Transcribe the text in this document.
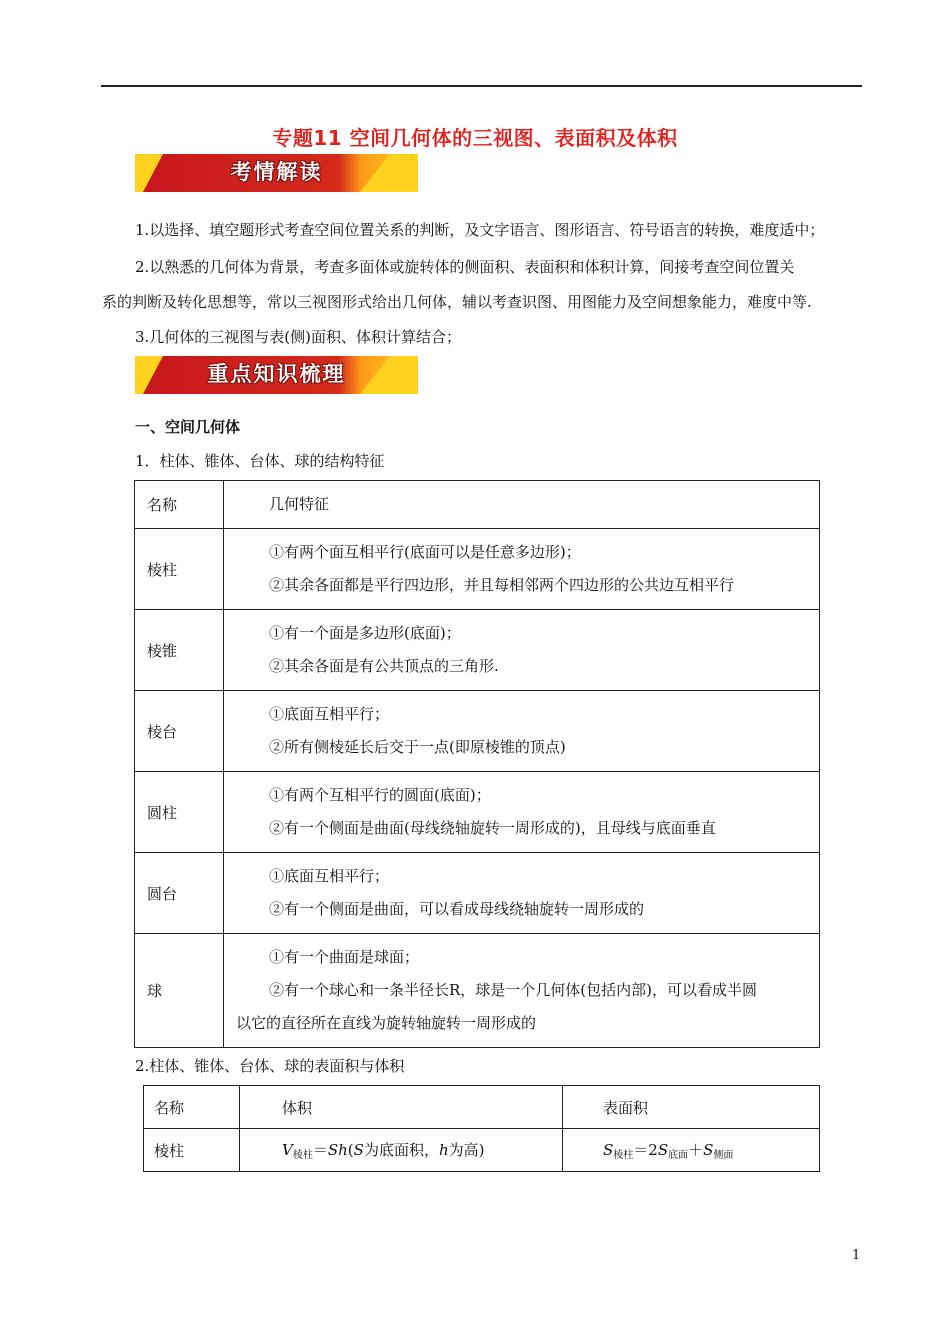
专题11 空间几何体的三视图、表面积及体积
考情解读
1.以选择、填空题形式考查空间位置关系的判断，及文字语言、图形语言、符号语言的转换，难度适中；
2.以熟悉的几何体为背景，考查多面体或旋转体的侧面积、表面积和体积计算，间接考查空间位置关
系的判断及转化思想等，常以三视图形式给出几何体，辅以考查识图、用图能力及空间想象能力，难度中等.
3.几何体的三视图与表(侧)面积、体积计算结合；
重点知识梳理
一、空间几何体
1．柱体、锥体、台体、球的结构特征
名称	几何特征

棱柱	①有两个面互相平行(底面可以是任意多边形)；
②其余各面都是平行四边形，并且每相邻两个四边形的公共边互相平行

棱锥	①有一个面是多边形(底面)；
②其余各面是有公共顶点的三角形.

棱台	①底面互相平行；
②所有侧棱延长后交于一点(即原棱锥的顶点)

圆柱	①有两个互相平行的圆面(底面)；
②有一个侧面是曲面(母线绕轴旋转一周形成的)，且母线与底面垂直

圆台	①底面互相平行；
②有一个侧面是曲面，可以看成母线绕轴旋转一周形成的

球	①有一个曲面是球面；
②有一个球心和一条半径长R，球是一个几何体(包括内部)，可以看成半圆
以它的直径所在直线为旋转轴旋转一周形成的
2.柱体、锥体、台体、球的表面积与体积
名称	体积	表面积
棱柱	$V_{棱柱}=Sh(S$为底面积，h为高)	$S_{棱柱}=2S_{底面}+S_{侧面}$
1
